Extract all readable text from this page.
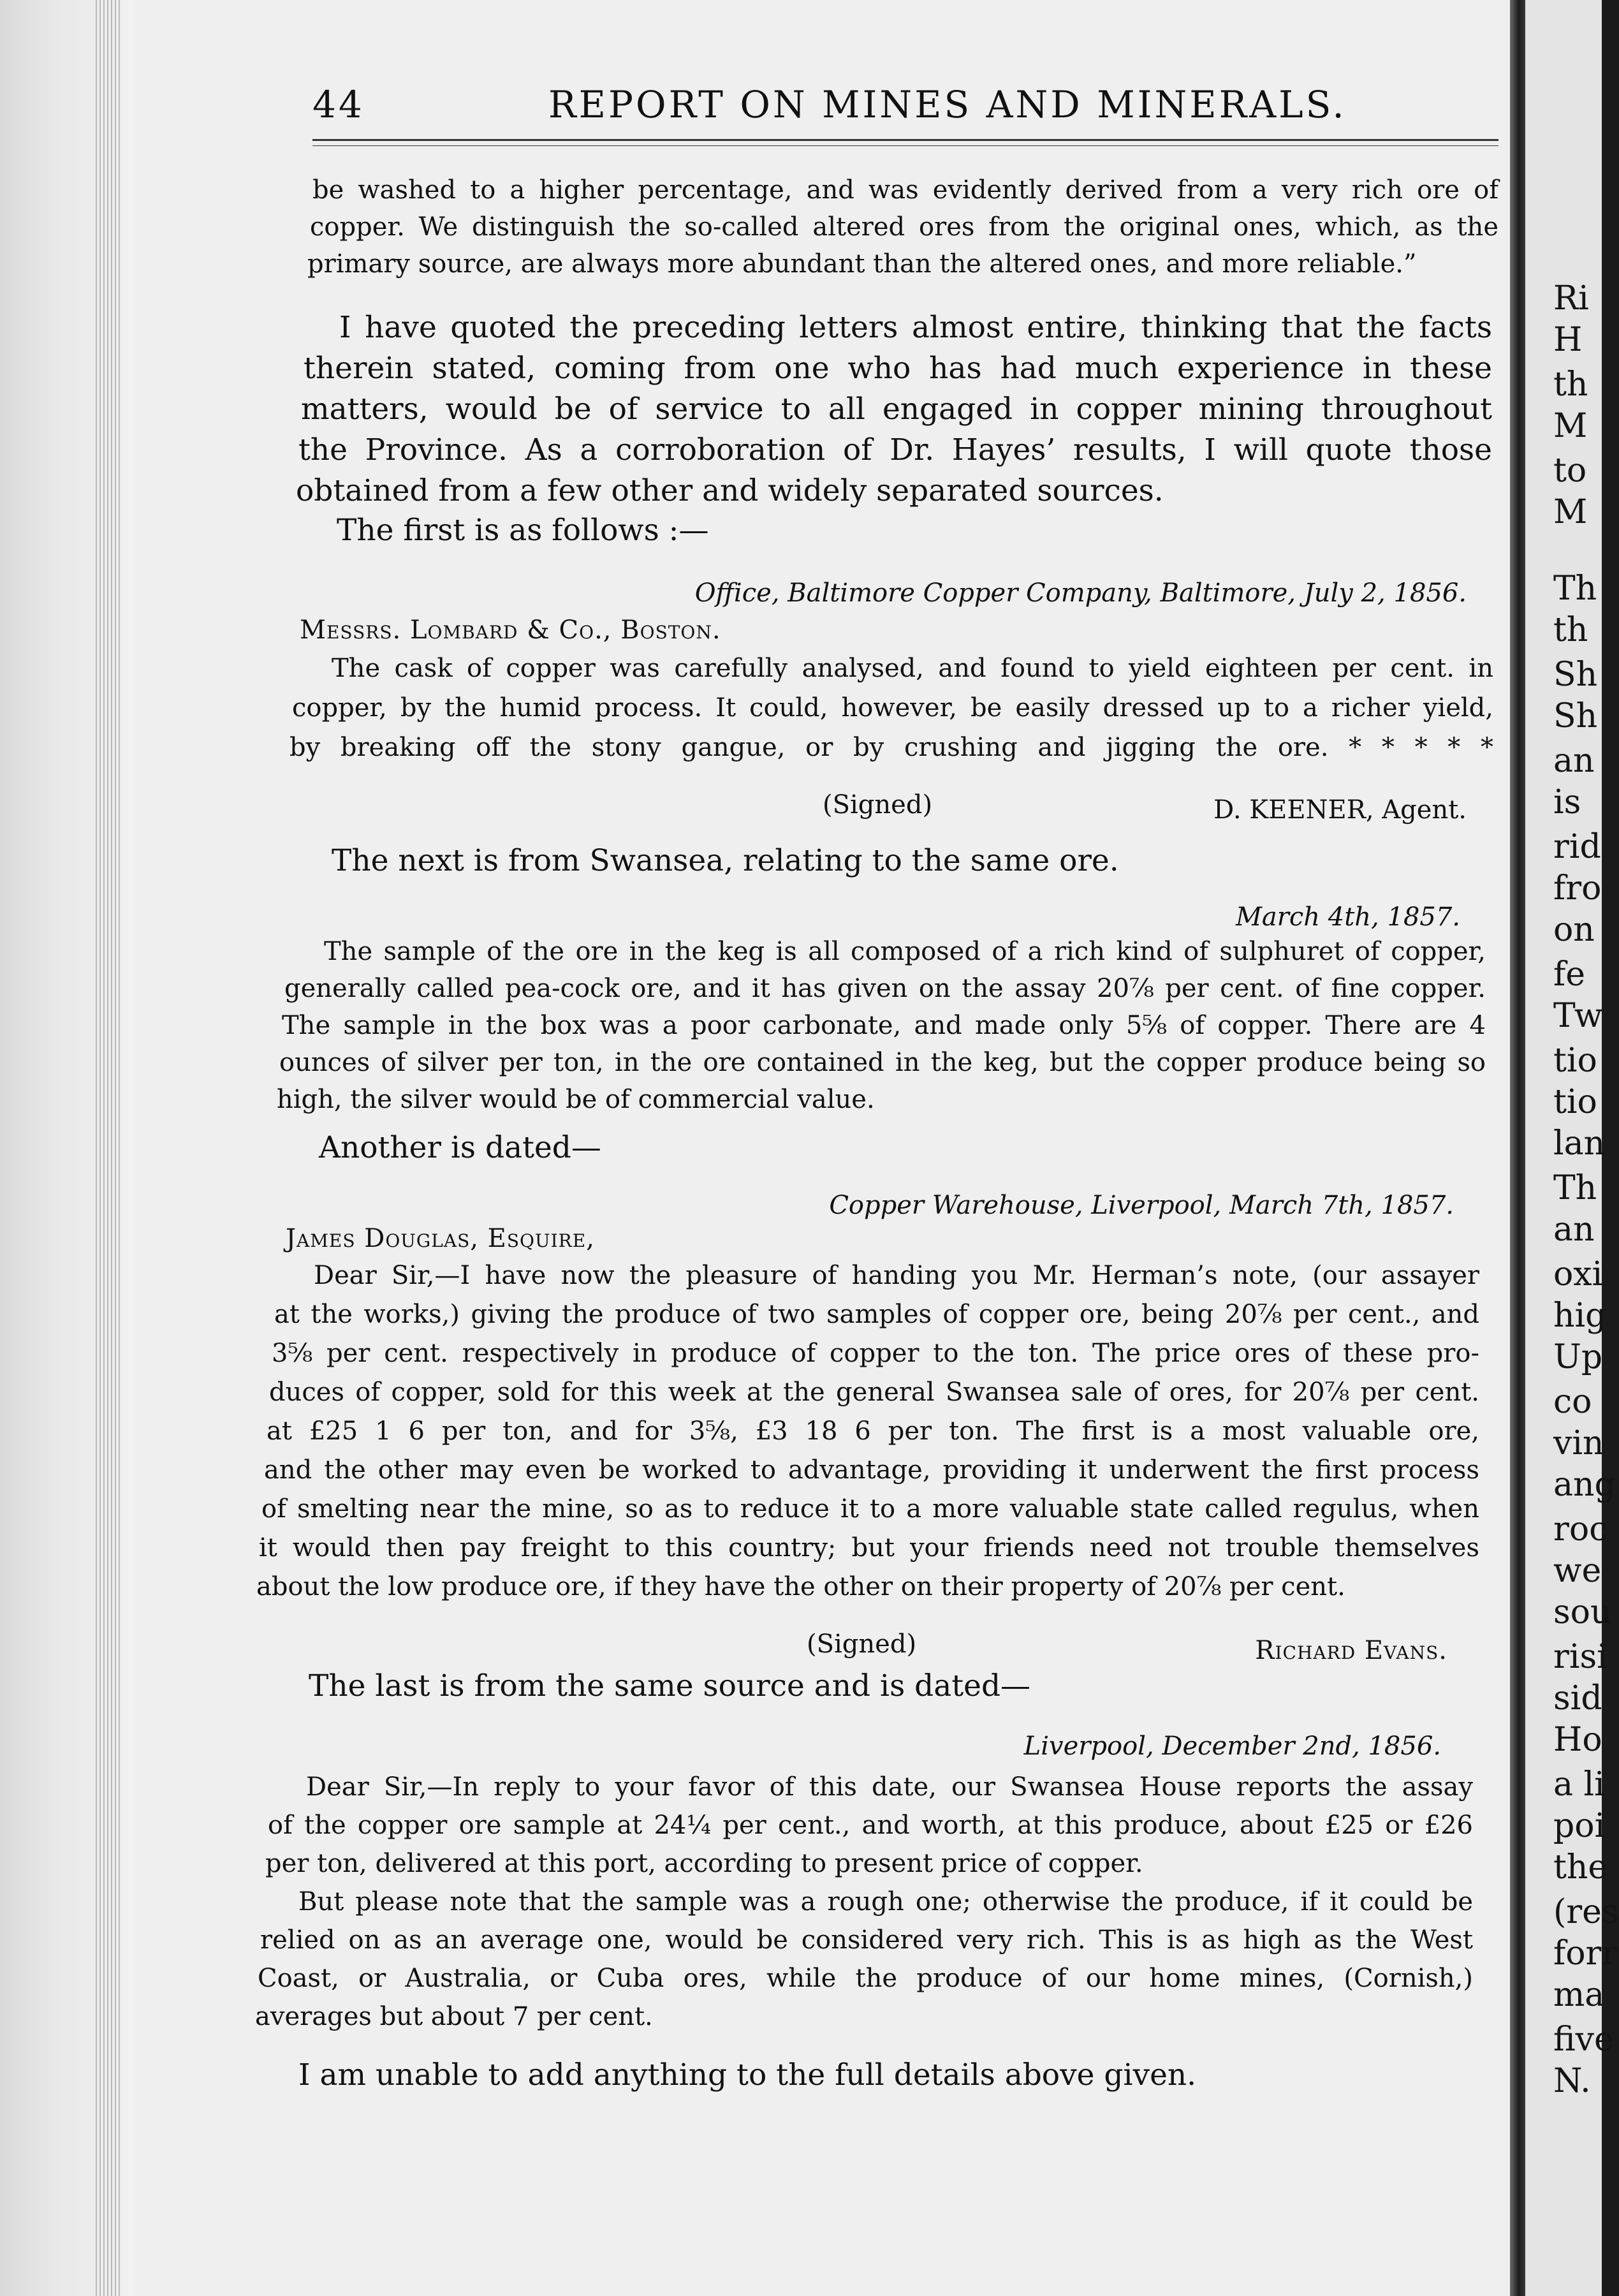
44	REPORT ON MINES AND MINERALS.
be washed to a higher percentage, and was evidently derived from a very rich ore of
copper. We distinguish the so-called altered ores from the original ones, which, as the
primary source, are always more abundant than the altered ones, and more reliable.”
I have quoted the preceding letters almost entire, thinking that the facts
therein stated, coming from one who has had much experience in these
matters, would be of service to all engaged in copper mining throughout
the Province. As a corroboration of Dr. Hayes’ results, I will quote those
obtained from a few other and widely separated sources.
The first is as follows :—
Office, Baltimore Copper Company, Baltimore, July 2, 1856.
Messrs. Lombard & Co., Boston.
The cask of copper was carefully analysed, and found to yield eighteen per cent. in
copper, by the humid process. It could, however, be easily dressed up to a richer yield,
by breaking off the stony gangue, or by crushing and jigging the ore. * * * * *
(Signed)	D. KEENER, Agent.
The next is from Swansea, relating to the same ore.
March 4th, 1857.
The sample of the ore in the keg is all composed of a rich kind of sulphuret of copper,
generally called pea-cock ore, and it has given on the assay 20⅞ per cent. of fine copper.
The sample in the box was a poor carbonate, and made only 5⅝ of copper. There are 4
ounces of silver per ton, in the ore contained in the keg, but the copper produce being so
high, the silver would be of commercial value.
Another is dated—
Copper Warehouse, Liverpool, March 7th, 1857.
James Douglas, Esquire,
Dear Sir,—I have now the pleasure of handing you Mr. Herman’s note, (our assayer
at the works,) giving the produce of two samples of copper ore, being 20⅞ per cent., and
3⅝ per cent. respectively in produce of copper to the ton. The price ores of these pro-
duces of copper, sold for this week at the general Swansea sale of ores, for 20⅞ per cent.
at £25 1 6 per ton, and for 3⅝, £3 18 6 per ton. The first is a most valuable ore,
and the other may even be worked to advantage, providing it underwent the first process
of smelting near the mine, so as to reduce it to a more valuable state called regulus, when
it would then pay freight to this country; but your friends need not trouble themselves
about the low produce ore, if they have the other on their property of 20⅞ per cent.
(Signed)	Richard Evans.
The last is from the same source and is dated—
Liverpool, December 2nd, 1856.
Dear Sir,—In reply to your favor of this date, our Swansea House reports the assay
of the copper ore sample at 24¼ per cent., and worth, at this produce, about £25 or £26
per ton, delivered at this port, according to present price of copper.
But please note that the sample was a rough one; otherwise the produce, if it could be
relied on as an average one, would be considered very rich. This is as high as the West
Coast, or Australia, or Cuba ores, while the produce of our home mines, (Cornish,)
averages but about 7 per cent.
I am unable to add anything to the full details above given.
Ri
H
th
M
to
M
Th
th
Sh
Sh
an
is
rid
fro
on
fe
Tw
tio
tio
lan
Th
an
oxi
hig
Up
co
vin
ang
roc
we
sou
risi
sid
Ho
a li
poi
the
(res
forr
ma
five
N.
